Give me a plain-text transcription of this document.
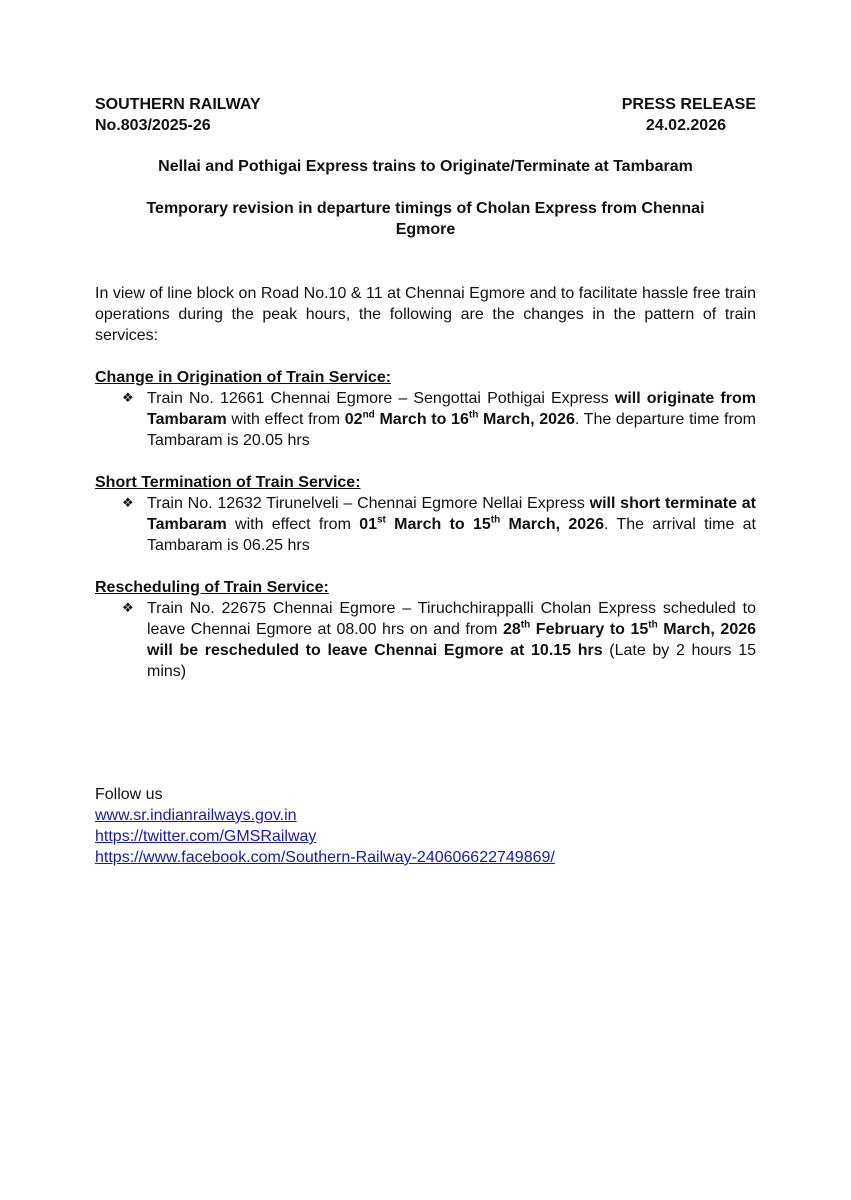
SOUTHERN RAILWAY	PRESS RELEASE
No.803/2025-26	24.02.2026
Nellai and Pothigai Express trains to Originate/Terminate at Tambaram
Temporary revision in departure timings of Cholan Express from Chennai Egmore
In view of line block on Road No.10 & 11 at Chennai Egmore and to facilitate hassle free train operations during the peak hours, the following are the changes in the pattern of train services:
Change in Origination of Train Service:
❖ Train No. 12661 Chennai Egmore – Sengottai Pothigai Express will originate from Tambaram with effect from 02nd March to 16th March, 2026. The departure time from Tambaram is 20.05 hrs
Short Termination of Train Service:
❖ Train No. 12632 Tirunelveli – Chennai Egmore Nellai Express will short terminate at Tambaram with effect from 01st March to 15th March, 2026. The arrival time at Tambaram is 06.25 hrs
Rescheduling of Train Service:
❖ Train No. 22675 Chennai Egmore – Tiruchchirappalli Cholan Express scheduled to leave Chennai Egmore at 08.00 hrs on and from 28th February to 15th March, 2026 will be rescheduled to leave Chennai Egmore at 10.15 hrs (Late by 2 hours 15 mins)
Follow us
www.sr.indianrailways.gov.in
https://twitter.com/GMSRailway
https://www.facebook.com/Southern-Railway-240606622749869/
